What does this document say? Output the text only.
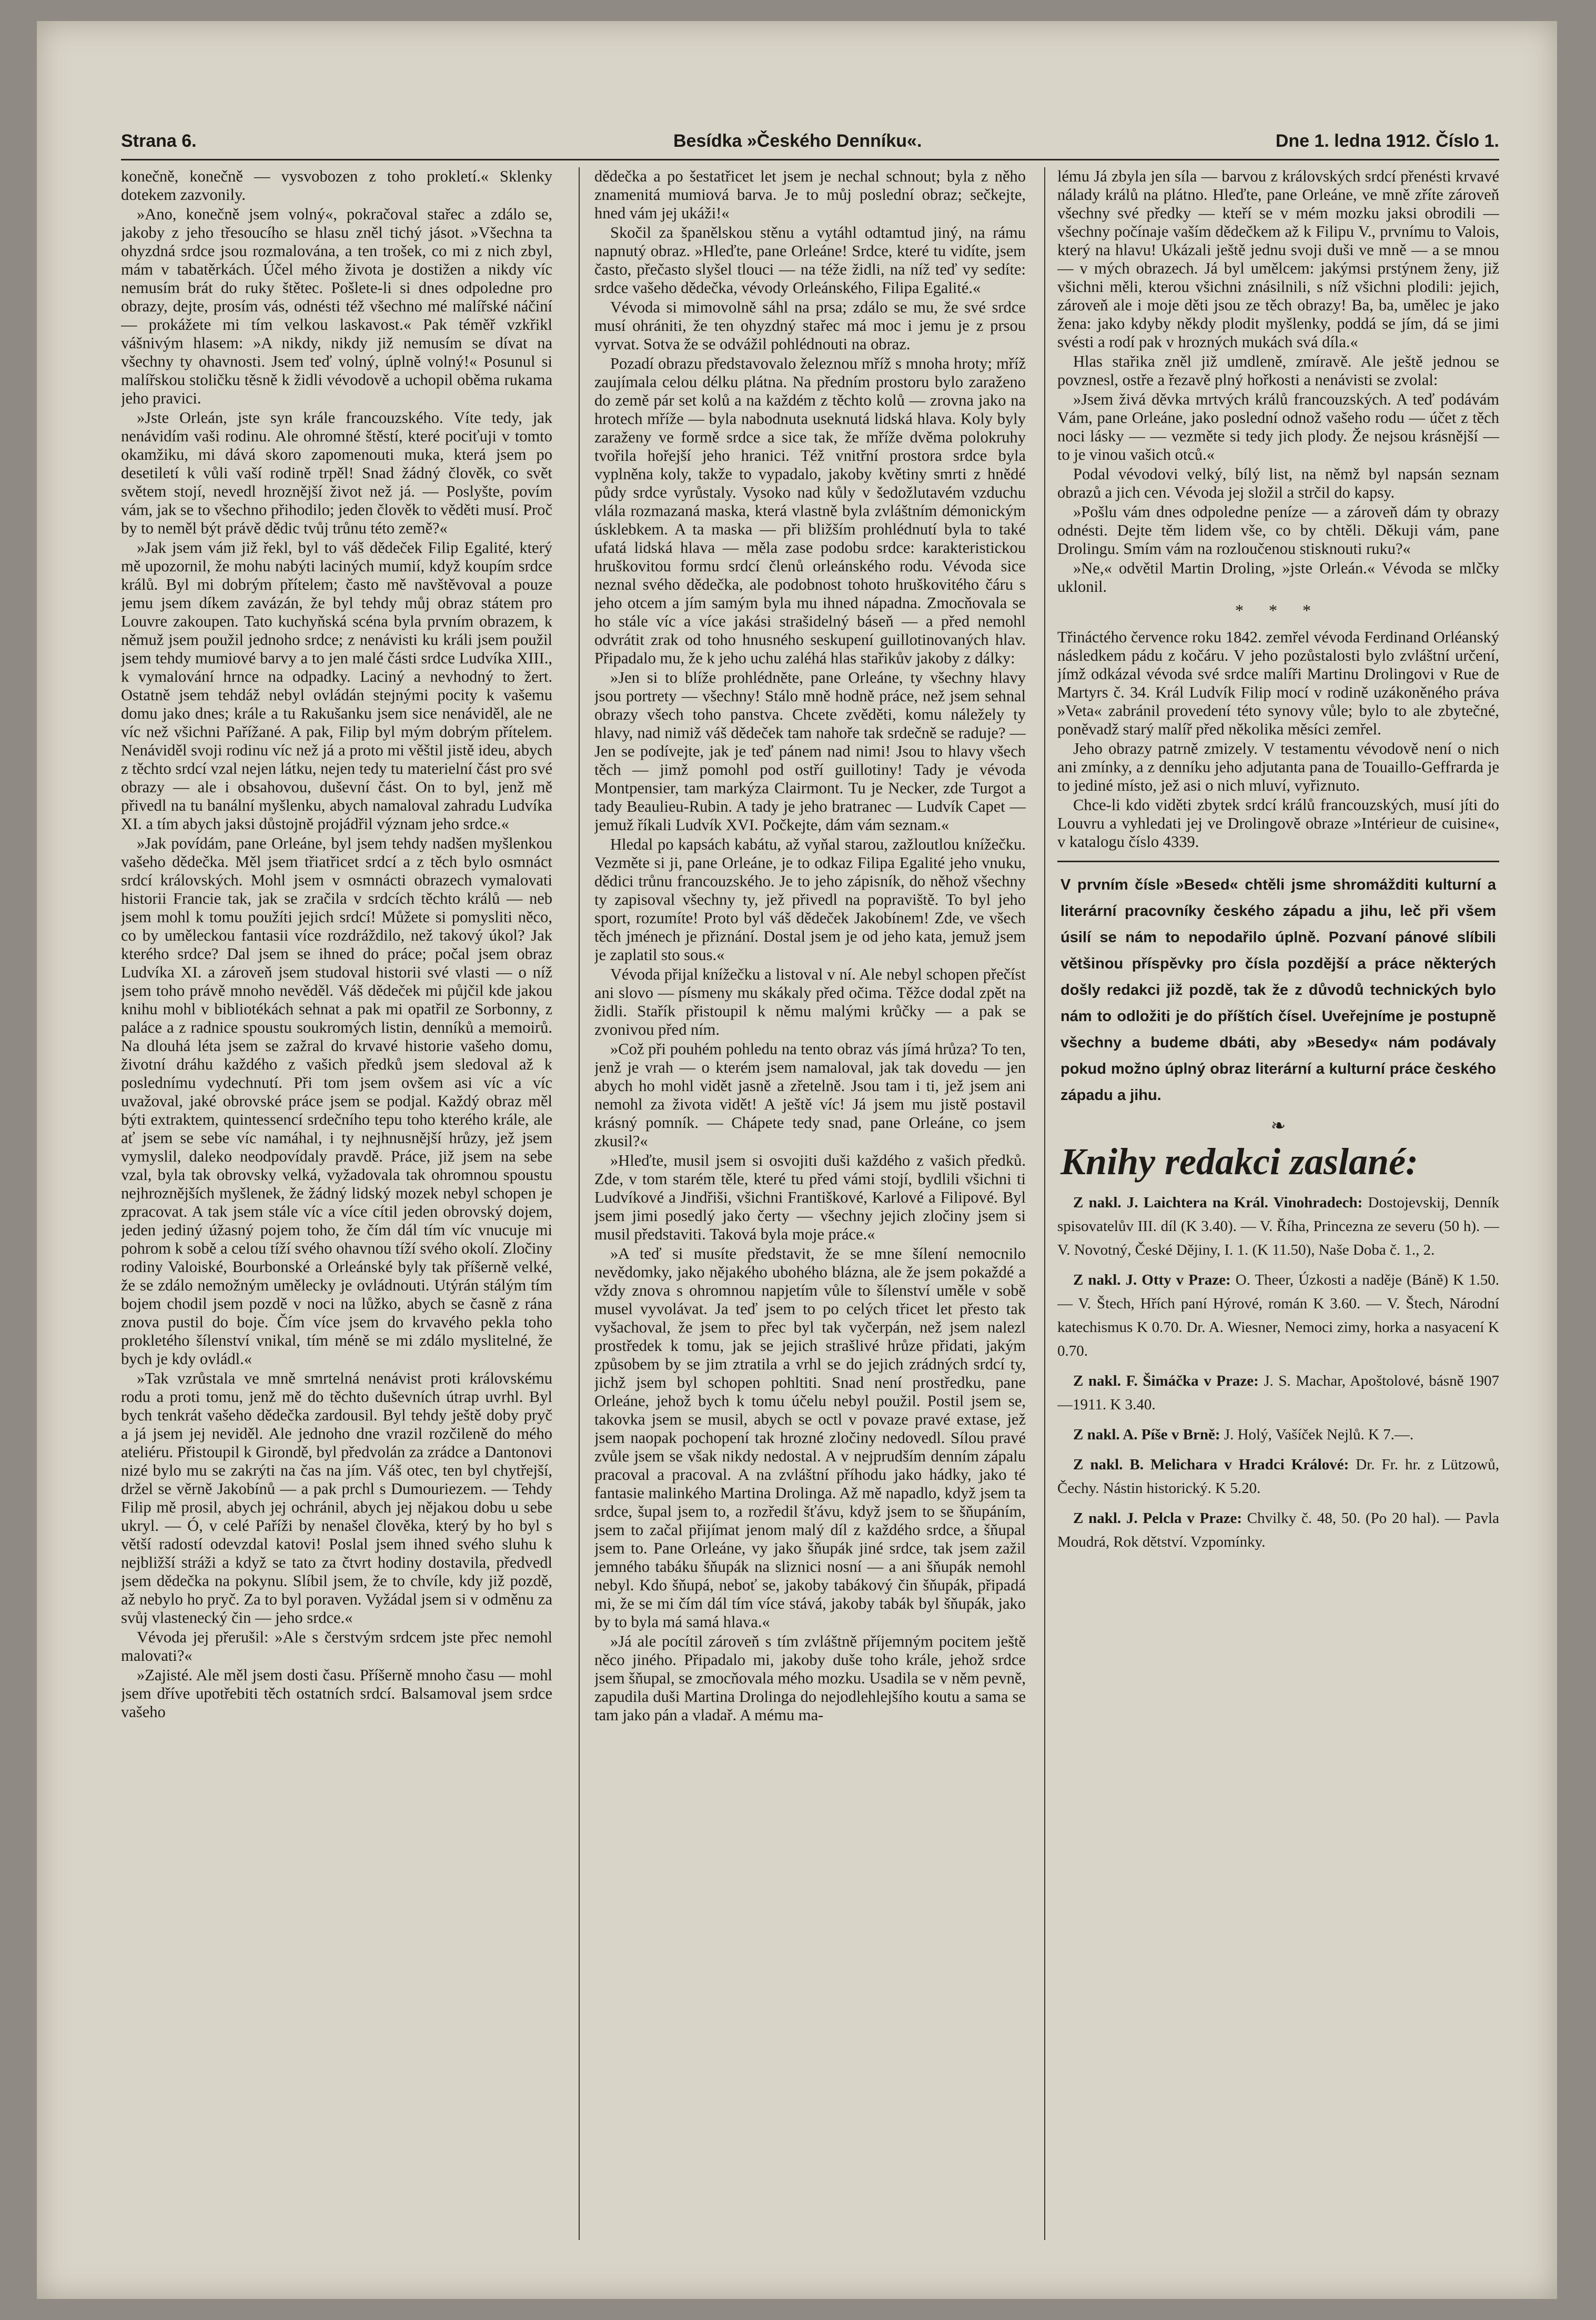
Strana 6.	Besídka »Českého Denníku«.	Dne 1. ledna 1912. Číslo 1.

konečně, konečně — vysvobozen z toho prokletí.« Sklenky dotekem zazvonily.

»Ano, konečně jsem volný«, pokračoval stařec a zdálo se, jakoby z jeho třesoucího se hlasu zněl tichý jásot. »Všechna ta ohyzdná srdce jsou rozmalována, a ten trošek, co mi z nich zbyl, mám v tabatěrkách. Účel mého života je dostižen a nikdy víc nemusím brát do ruky štětec. Pošlete-li si dnes odpoledne pro obrazy, dejte, prosím vás, odnésti též všechno mé malířské náčiní — prokážete mi tím velkou laskavost.« Pak téměř vzkřikl vášnivým hlasem: »A nikdy, nikdy již nemusím se dívat na všechny ty ohavnosti. Jsem teď volný, úplně volný!« Posunul si malířskou stoličku těsně k židli vévodově a uchopil oběma rukama jeho pravici.

»Jste Orleán, jste syn krále francouzského. Víte tedy, jak nenávidím vaši rodinu. Ale ohromné štěstí, které pociťuji v tomto okamžiku, mi dává skoro zapomenouti muka, která jsem po desetiletí k vůli vaší rodině trpěl! Snad žádný člověk, co svět světem stojí, nevedl hroznější život než já. — Poslyšte, povím vám, jak se to všechno přihodilo; jeden člověk to věděti musí. Proč by to neměl být právě dědic tvůj trůnu této země?«

»Jak jsem vám již řekl, byl to váš dědeček Filip Egalité, který mě upozornil, že mohu nabýti laciných mumií, když koupím srdce králů. Byl mi dobrým přítelem; často mě navštěvoval a pouze jemu jsem díkem zavázán, že byl tehdy můj obraz státem pro Louvre zakoupen. Tato kuchyňská scéna byla prvním obrazem, k němuž jsem použil jednoho srdce; z nenávisti ku králi jsem použil jsem tehdy mumiové barvy a to jen malé části srdce Ludvíka XIII., k vymalování hrnce na odpadky. Laciný a nevhodný to žert. Ostatně jsem tehdáž nebyl ovládán stejnými pocity k vašemu domu jako dnes; krále a tu Rakušanku jsem sice nenáviděl, ale ne víc než všichni Pařížané. A pak, Filip byl mým dobrým přítelem. Nenáviděl svoji rodinu víc než já a proto mi věštil jistě ideu, abych z těchto srdcí vzal nejen látku, nejen tedy tu materielní část pro své obrazy — ale i obsahovou, duševní část. On to byl, jenž mě přivedl na tu banální myšlenku, abych namaloval zahradu Ludvíka XI. a tím abych jaksi důstojně projádřil význam jeho srdce.«

»Jak povídám, pane Orleáne, byl jsem tehdy nadšen myšlenkou vašeho dědečka. Měl jsem třiatřicet srdcí a z těch bylo osmnáct srdcí královských. Mohl jsem v osmnácti obrazech vymalovati historii Francie tak, jak se zračila v srdcích těchto králů — neb jsem mohl k tomu použíti jejich srdcí! Můžete si pomysliti něco, co by uměleckou fantasii více rozdráždilo, než takový úkol? Jak kterého srdce? Dal jsem se ihned do práce; počal jsem obraz Ludvíka XI. a zároveň jsem studoval historii své vlasti — o níž jsem toho právě mnoho nevěděl. Váš dědeček mi půjčil kde jakou knihu mohl v bibliotékách sehnat a pak mi opatřil ze Sorbonny, z paláce a z radnice spoustu soukromých listin, denníků a memoirů. Na dlouhá léta jsem se zažral do krvavé historie vašeho domu, životní dráhu každého z vašich předků jsem sledoval až k poslednímu vydechnutí. Při tom jsem ovšem asi víc a víc uvažoval, jaké obrovské práce jsem se podjal. Každý obraz měl býti extraktem, quintessencí srdečního tepu toho kterého krále, ale ať jsem se sebe víc namáhal, i ty nejhnusnější hrůzy, jež jsem vymyslil, daleko neodpovídaly pravdě. Práce, již jsem na sebe vzal, byla tak obrovsky velká, vyžadovala tak ohromnou spoustu nejhroznějších myšlenek, že žádný lidský mozek nebyl schopen je zpracovat. A tak jsem stále víc a více cítil jeden obrovský dojem, jeden jediný úžasný pojem toho, že čím dál tím víc vnucuje mi pohrom k sobě a celou tíží svého ohavnou tíží svého okolí. Zločiny rodiny Valoiské, Bourbonské a Orleánské byly tak příšerně velké, že se zdálo nemožným umělecky je ovládnouti. Utýrán stálým tím bojem chodil jsem pozdě v noci na lůžko, abych se časně z rána znova pustil do boje. Čím více jsem do krvavého pekla toho prokletého šílenství vnikal, tím méně se mi zdálo myslitelné, že bych je kdy ovládl.«

»Tak vzrůstala ve mně smrtelná nenávist proti královskému rodu a proti tomu, jenž mě do těchto duševních útrap uvrhl. Byl bych tenkrát vašeho dědečka zardousil. Byl tehdy ještě doby pryč a já jsem jej neviděl. Ale jednoho dne vrazil rozčileně do mého ateliéru. Přistoupil k Girondě, byl předvolán za zrádce a Dantonovi nizé bylo mu se zakrýti na čas na jím. Váš otec, ten byl chytřejší, držel se věrně Jakobínů — a pak prchl s Dumouriezem. — Tehdy Filip mě prosil, abych jej ochránil, abych jej nějakou dobu u sebe ukryl. — Ó, v celé Paříži by nenašel člověka, který by ho byl s větší radostí odevzdal katovi! Poslal jsem ihned svého sluhu k nejbližší stráži a když se tato za čtvrt hodiny dostavila, předvedl jsem dědečka na pokynu. Slíbil jsem, že to chvíle, kdy již pozdě, až nebylo ho pryč. Za to byl poraven. Vyžádal jsem si v odměnu za svůj vlastenecký čin — jeho srdce.«

Vévoda jej přerušil: »Ale s čerstvým srdcem jste přec nemohl malovati?«

»Zajisté. Ale měl jsem dosti času. Příšerně mnoho času — mohl jsem dříve upotřebiti těch ostatních srdcí. Balsamoval jsem srdce vašeho

dědečka a po šestatřicet let jsem je nechal schnout; byla z něho znamenitá mumiová barva. Je to můj poslední obraz; sečkejte, hned vám jej ukáži!«

Skočil za španělskou stěnu a vytáhl odtamtud jiný, na rámu napnutý obraz. »Hleďte, pane Orleáne! Srdce, které tu vidíte, jsem často, přečasto slyšel tlouci — na téže židli, na níž teď vy sedíte: srdce vašeho dědečka, vévody Orleánského, Filipa Egalité.«

Vévoda si mimovolně sáhl na prsa; zdálo se mu, že své srdce musí ohrániti, že ten ohyzdný stařec má moc i jemu je z prsou vyrvat. Sotva že se odvážil pohlédnouti na obraz.

Pozadí obrazu představovalo železnou mříž s mnoha hroty; mříž zaujímala celou délku plátna. Na předním prostoru bylo zaraženo do země pár set kolů a na každém z těchto kolů — zrovna jako na hrotech mříže — byla nabodnuta useknutá lidská hlava. Koly byly zaraženy ve formě srdce a sice tak, že mříže dvěma polokruhy tvořila hořejší jeho hranici. Též vnitřní prostora srdce byla vyplněna koly, takže to vypadalo, jakoby květiny smrti z hnědé půdy srdce vyrůstaly. Vysoko nad kůly v šedožlutavém vzduchu vlála rozmazaná maska, která vlastně byla zvláštním démonickým úsklebkem. A ta maska — při bližším prohlédnutí byla to také ufatá lidská hlava — měla zase podobu srdce: karakteristickou hruškovitou formu srdcí členů orleánského rodu. Vévoda sice neznal svého dědečka, ale podobnost tohoto hruškovitého čáru s jeho otcem a jím samým byla mu ihned nápadna. Zmocňovala se ho stále víc a více jakási strašidelný báseň — a před nemohl odvrátit zrak od toho hnusného seskupení guillotinovaných hlav. Připadalo mu, že k jeho uchu zaléhá hlas stařikův jakoby z dálky:

»Jen si to blíže prohlédněte, pane Orleáne, ty všechny hlavy jsou portrety — všechny! Stálo mně hodně práce, než jsem sehnal obrazy všech toho panstva. Chcete zvěděti, komu náležely ty hlavy, nad nimiž váš dědeček tam nahoře tak srdečně se raduje? — Jen se podívejte, jak je teď pánem nad nimi! Jsou to hlavy všech těch — jimž pomohl pod ostří guillotiny! Tady je vévoda Montpensier, tam markýza Clairmont. Tu je Necker, zde Turgot a tady Beaulieu-Rubin. A tady je jeho bratranec — Ludvík Capet — jemuž říkali Ludvík XVI. Počkejte, dám vám seznam.«

Hledal po kapsách kabátu, až vyňal starou, zažloutlou knížečku. Vezměte si ji, pane Orleáne, je to odkaz Filipa Egalité jeho vnuku, dědici trůnu francouzského. Je to jeho zápisník, do něhož všechny ty zapisoval všechny ty, jež přivedl na popraviště. To byl jeho sport, rozumíte! Proto byl váš dědeček Jakobínem! Zde, ve všech těch jménech je přiznání. Dostal jsem je od jeho kata, jemuž jsem je zaplatil sto sous.«

Vévoda přijal knížečku a listoval v ní. Ale nebyl schopen přečíst ani slovo — písmeny mu skákaly před očima. Těžce dodal zpět na židli. Stařík přistoupil k němu malými krůčky — a pak se zvonivou před ním.

»Což při pouhém pohledu na tento obraz vás jímá hrůza? To ten, jenž je vrah — o kterém jsem namaloval, jak tak dovedu — jen abych ho mohl vidět jasně a zřetelně. Jsou tam i ti, jež jsem ani nemohl za života vidět! A ještě víc! Já jsem mu jistě postavil krásný pomník. — Chápete tedy snad, pane Orleáne, co jsem zkusil?«

»Hleďte, musil jsem si osvojiti duši každého z vašich předků. Zde, v tom starém těle, které tu před vámi stojí, bydlili všichni ti Ludvíkové a Jindřiši, všichni Františkové, Karlové a Filipové. Byl jsem jimi posedlý jako čerty — všechny jejich zločiny jsem si musil představiti. Taková byla moje práce.«

»A teď si musíte představit, že se mne šílení nemocnilo nevědomky, jako nějakého ubohého blázna, ale že jsem pokaždé a vždy znova s ohromnou napjetím vůle to šílenství uměle v sobě musel vyvolávat. Ja teď jsem to po celých třicet let přesto tak vyšachoval, že jsem to přec byl tak vyčerpán, než jsem nalezl prostředek k tomu, jak se jejich strašlivé hrůze přidati, jakým způsobem by se jim ztratila a vrhl se do jejich zrádných srdcí ty, jichž jsem byl schopen pohltiti. Snad není prostředku, pane Orleáne, jehož bych k tomu účelu nebyl použil. Postil jsem se, takovka jsem se musil, abych se octl v povaze pravé extase, jež jsem naopak pochopení tak hrozné zločiny nedovedl. Sílou pravé zvůle jsem se však nikdy nedostal. A v nejprudším denním zápalu pracoval a pracoval. A na zvláštní příhodu jako hádky, jako té fantasie malinkého Martina Drolinga. Až mě napadlo, když jsem ta srdce, šupal jsem to, a rozředil šťávu, když jsem to se šňupáním, jsem to začal přijímat jenom malý díl z každého srdce, a šňupal jsem to. Pane Orleáne, vy jako šňupák jiné srdce, tak jsem zažil jemného tabáku šňupák na sliznici nosní — a ani šňupák nemohl nebyl. Kdo šňupá, neboť se, jakoby tabákový čin šňupák, připadá mi, že se mi čím dál tím více stává, jakoby tabák byl šňupák, jako by to byla má samá hlava.«

»Já ale pocítil zároveň s tím zvláštně příjemným pocitem ještě něco jiného. Připadalo mi, jakoby duše toho krále, jehož srdce jsem šňupal, se zmocňovala mého mozku. Usadila se v něm pevně, zapudila duši Martina Drolinga do nejodlehlejšího koutu a sama se tam jako pán a vladař. A mému ma-

lému Já zbyla jen síla — barvou z královských srdcí přenésti krvavé nálady králů na plátno. Hleďte, pane Orleáne, ve mně zříte zároveň všechny své předky — kteří se v mém mozku jaksi obrodili — všechny počínaje vaším dědečkem až k Filipu V., prvnímu to Valois, který na hlavu! Ukázali ještě jednu svoji duši ve mně — a se mnou — v mých obrazech. Já byl umělcem: jakýmsi prstýnem ženy, již všichni měli, kterou všichni znásilnili, s níž všichni plodili: jejich, zároveň ale i moje děti jsou ze těch obrazy! Ba, ba, umělec je jako žena: jako kdyby někdy plodit myšlenky, poddá se jím, dá se jimi svésti a rodí pak v hrozných mukách svá díla.«

Hlas stařika zněl již umdleně, zmíravě. Ale ještě jednou se povznesl, ostře a řezavě plný hořkosti a nenávisti se zvolal:

»Jsem živá děvka mrtvých králů francouzských. A teď podávám Vám, pane Orleáne, jako poslední odnož vašeho rodu — účet z těch noci lásky — — vezměte si tedy jich plody. Že nejsou krásnější — to je vinou vašich otců.«

Podal vévodovi velký, bílý list, na němž byl napsán seznam obrazů a jich cen. Vévoda jej složil a strčil do kapsy.

»Pošlu vám dnes odpoledne peníze — a zároveň dám ty obrazy odnésti. Dejte těm lidem vše, co by chtěli. Děkuji vám, pane Drolingu. Smím vám na rozloučenou stisknouti ruku?«

»Ne,« odvětil Martin Droling, »jste Orleán.« Vévoda se mlčky uklonil.

* * *

Třináctého července roku 1842. zemřel vévoda Ferdinand Orléanský následkem pádu z kočáru. V jeho pozůstalosti bylo zvláštní určení, jímž odkázal vévoda své srdce malíři Martinu Drolingovi v Rue de Martyrs č. 34. Král Ludvík Filip mocí v rodině uzákoněného práva »Veta« zabránil provedení této synovy vůle; bylo to ale zbytečné, poněvadž starý malíř před několika měsíci zemřel.

Jeho obrazy patrně zmizely. V testamentu vévodově není o nich ani zmínky, a z denníku jeho adjutanta pana de Touaillo-Geffrarda je to jediné místo, jež asi o nich mluví, vyřiznuto.

Chce-li kdo viděti zbytek srdcí králů francouzských, musí jíti do Louvru a vyhledati jej ve Drolingově obraze »Intérieur de cuisine«, v katalogu číslo 4339.

V prvním čísle »Besed« chtěli jsme shromážditi kulturní a literární pracovníky českého západu a jihu, leč při všem úsilí se nám to nepodařilo úplně. Pozvaní pánové slíbili většinou příspěvky pro čísla pozdější a práce některých došly redakci již pozdě, tak že z důvodů technických bylo nám to odložiti je do příštích čísel. Uveřejníme je postupně všechny a budeme dbáti, aby »Besedy« nám podávaly pokud možno úplný obraz literární a kulturní práce českého západu a jihu.
❧
Knihy redakci zaslané:
Z nakl. J. Laichtera na Král. Vinohradech: Dostojevskij, Denník spisovatelův III. díl (K 3.40). — V. Říha, Princezna ze severu (50 h). — V. Novotný, České Dějiny, I. 1. (K 11.50), Naše Doba č. 1., 2.
Z nakl. J. Otty v Praze: O. Theer, Úzkosti a naděje (Báně) K 1.50. — V. Štech, Hřích paní Hýrové, román K 3.60. — V. Štech, Národní katechismus K 0.70. Dr. A. Wiesner, Nemoci zimy, horka a nasyacení K 0.70.
Z nakl. F. Šimáčka v Praze: J. S. Machar, Apoštolové, básně 1907—1911. K 3.40.
Z nakl. A. Píše v Brně: J. Holý, Vašíček Nejlů. K 7.—.
Z nakl. B. Melichara v Hradci Králové: Dr. Fr. hr. z Lützowů, Čechy. Nástin historický. K 5.20.
Z nakl. J. Pelcla v Praze: Chvilky č. 48, 50. (Po 20 hal). — Pavla Moudrá, Rok dětství. Vzpomínky.
